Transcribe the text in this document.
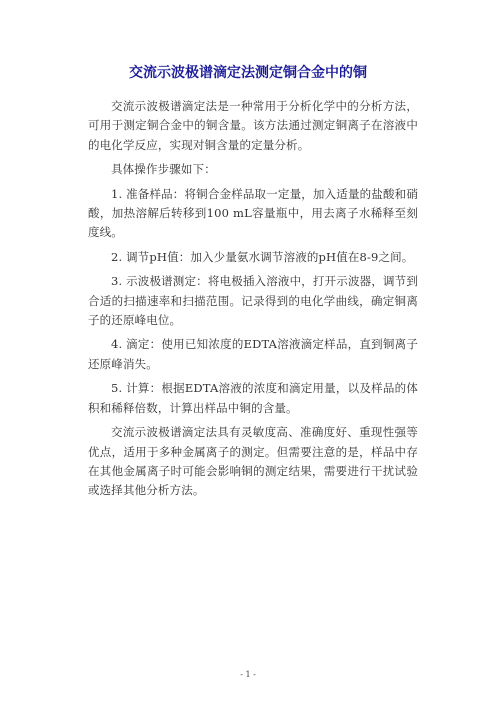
交流示波极谱滴定法测定铜合金中的铜

交流示波极谱滴定法是一种常用于分析化学中的分析方法，可用于测定铜合金中的铜含量。该方法通过测定铜离子在溶液中的电化学反应，实现对铜含量的定量分析。

具体操作步骤如下：

1. 准备样品：将铜合金样品取一定量，加入适量的盐酸和硝酸，加热溶解后转移到100 mL容量瓶中，用去离子水稀释至刻度线。

2. 调节pH值：加入少量氨水调节溶液的pH值在8-9之间。

3. 示波极谱测定：将电极插入溶液中，打开示波器，调节到合适的扫描速率和扫描范围。记录得到的电化学曲线，确定铜离子的还原峰电位。

4. 滴定：使用已知浓度的EDTA溶液滴定样品，直到铜离子还原峰消失。

5. 计算：根据EDTA溶液的浓度和滴定用量，以及样品的体积和稀释倍数，计算出样品中铜的含量。

交流示波极谱滴定法具有灵敏度高、准确度好、重现性强等优点，适用于多种金属离子的测定。但需要注意的是，样品中存在其他金属离子时可能会影响铜的测定结果，需要进行干扰试验或选择其他分析方法。

- 1 -
